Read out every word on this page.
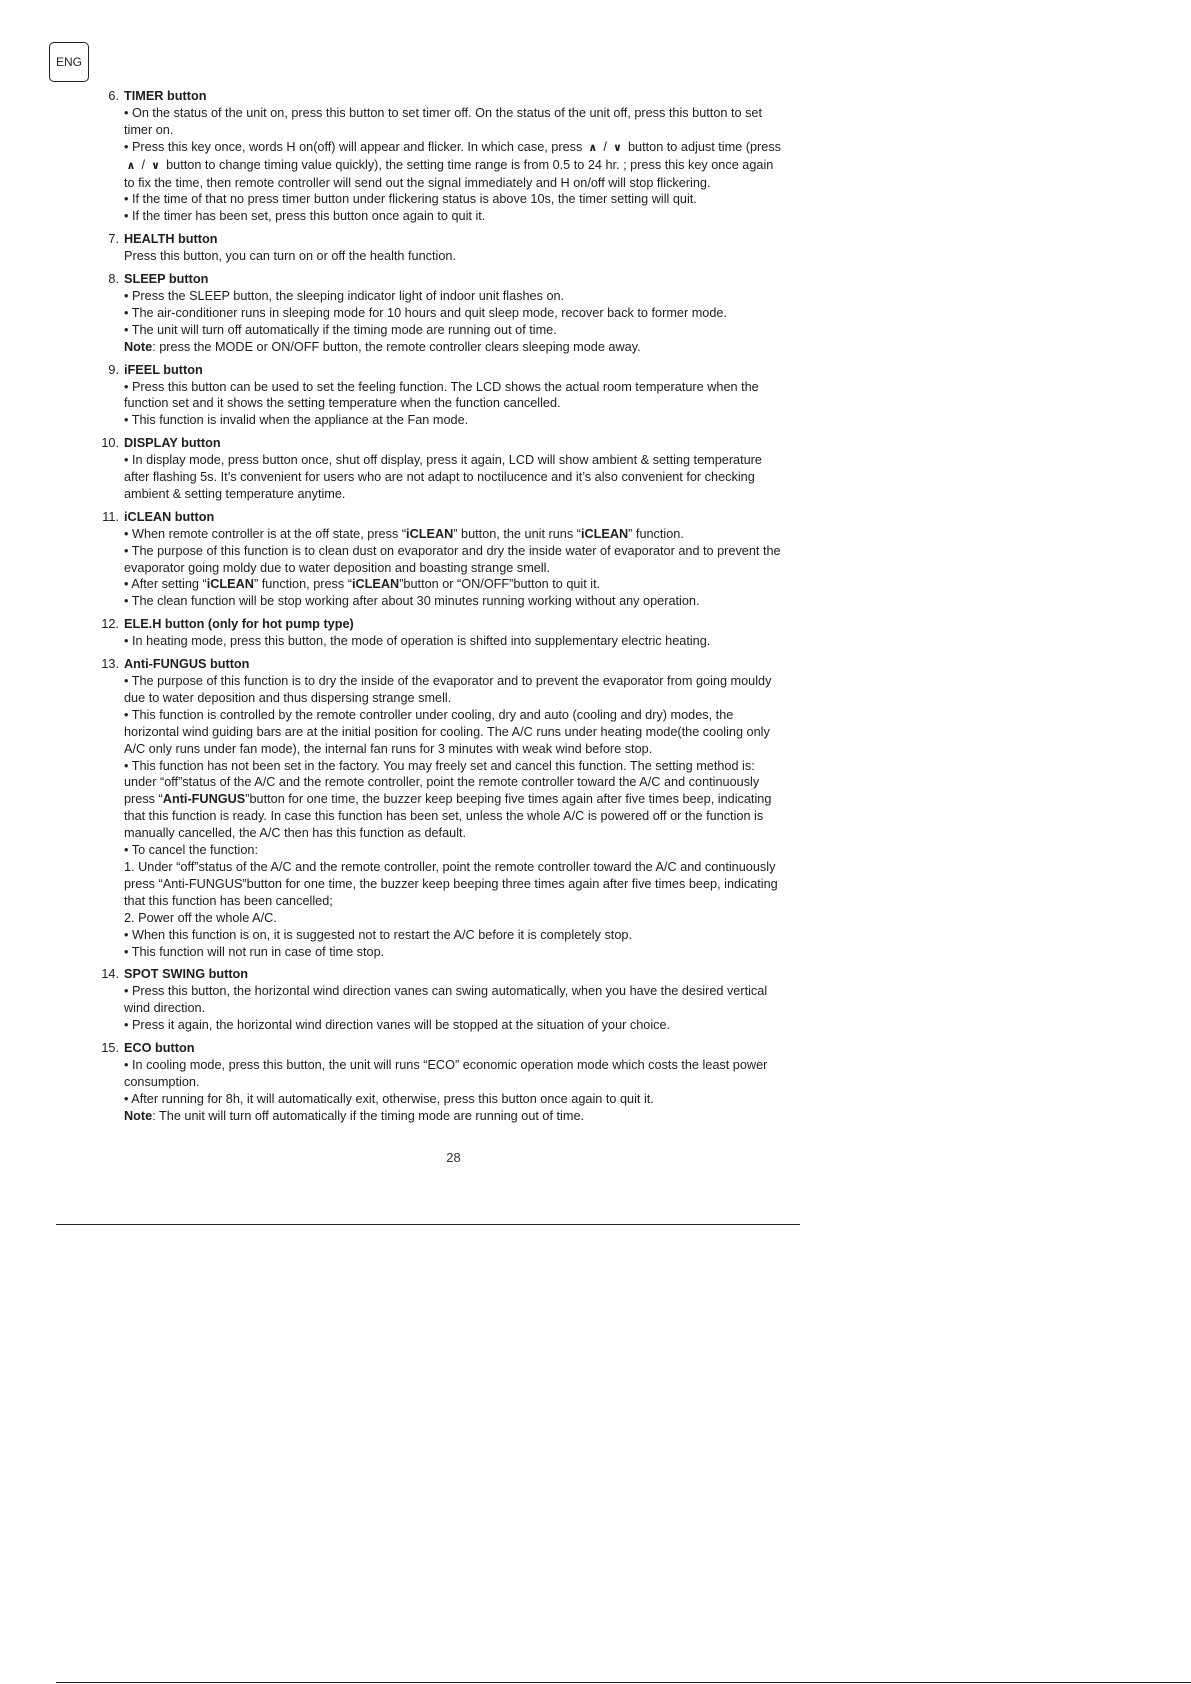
ENG
6. TIMER button
• On the status of the unit on, press this button to set timer off. On the status of the unit off, press this button to set timer on.
• Press this key once, words H on(off) will appear and flicker. In which case, press ∧ / ∨ button to adjust time (press ∧ / ∨ button to change timing value quickly), the setting time range is from 0.5 to 24 hr. ; press this key once again to fix the time, then remote controller will send out the signal immediately and H on/off will stop flickering.
• If the time of that no press timer button under flickering status is above 10s, the timer setting will quit.
• If the timer has been set, press this button once again to quit it.
7. HEALTH button
Press this button, you can turn on or off the health function.
8. SLEEP button
• Press the SLEEP button, the sleeping indicator light of indoor unit flashes on.
• The air-conditioner runs in sleeping mode for 10 hours and quit sleep mode, recover back to former mode.
• The unit will turn off automatically if the timing mode are running out of time.
Note: press the MODE or ON/OFF button, the remote controller clears sleeping mode away.
9. iFEEL button
• Press this button can be used to set the feeling function. The LCD shows the actual room temperature when the function set and it shows the setting temperature when the function cancelled.
• This function is invalid when the appliance at the Fan mode.
10. DISPLAY button
• In display mode, press button once, shut off display, press it again, LCD will show ambient & setting temperature after flashing 5s. It’s convenient for users who are not adapt to noctilucence and it’s also convenient for checking ambient & setting temperature anytime.
11. iCLEAN button
• When remote controller is at the off state, press “iCLEAN” button, the unit runs “iCLEAN” function.
• The purpose of this function is to clean dust on evaporator and dry the inside water of evaporator and to prevent the evaporator going moldy due to water deposition and boasting strange smell.
• After setting “iCLEAN” function, press “iCLEAN”button or “ON/OFF”button to quit it.
• The clean function will be stop working after about 30 minutes running working without any operation.
12. ELE.H button (only for hot pump type)
• In heating mode, press this button, the mode of operation is shifted into supplementary electric heating.
13. Anti-FUNGUS button
• The purpose of this function is to dry the inside of the evaporator and to prevent the evaporator from going mouldy due to water deposition and thus dispersing strange smell.
• This function is controlled by the remote controller under cooling, dry and auto (cooling and dry) modes, the horizontal wind guiding bars are at the initial position for cooling. The A/C runs under heating mode(the cooling only A/C only runs under fan mode), the internal fan runs for 3 minutes with weak wind before stop.
• This function has not been set in the factory. You may freely set and cancel this function. The setting method is: under “off”status of the A/C and the remote controller, point the remote controller toward the A/C and continuously press “Anti-FUNGUS”button for one time, the buzzer keep beeping five times again after five times beep, indicating that this function is ready. In case this function has been set, unless the whole A/C is powered off or the function is manually cancelled, the A/C then has this function as default.
• To cancel the function:
1. Under “off”status of the A/C and the remote controller, point the remote controller toward the A/C and continuously press “Anti-FUNGUS”button for one time, the buzzer keep beeping three times again after five times beep, indicating that this function has been cancelled;
2. Power off the whole A/C.
• When this function is on, it is suggested not to restart the A/C before it is completely stop.
• This function will not run in case of time stop.
14. SPOT SWING button
• Press this button, the horizontal wind direction vanes can swing automatically, when you have the desired vertical wind direction.
• Press it again, the horizontal wind direction vanes will be stopped at the situation of your choice.
15. ECO button
• In cooling mode, press this button, the unit will runs “ECO” economic operation mode which costs the least power consumption.
• After running for 8h, it will automatically exit, otherwise, press this button once again to quit it.
Note: The unit will turn off automatically if the timing mode are running out of time.
28
